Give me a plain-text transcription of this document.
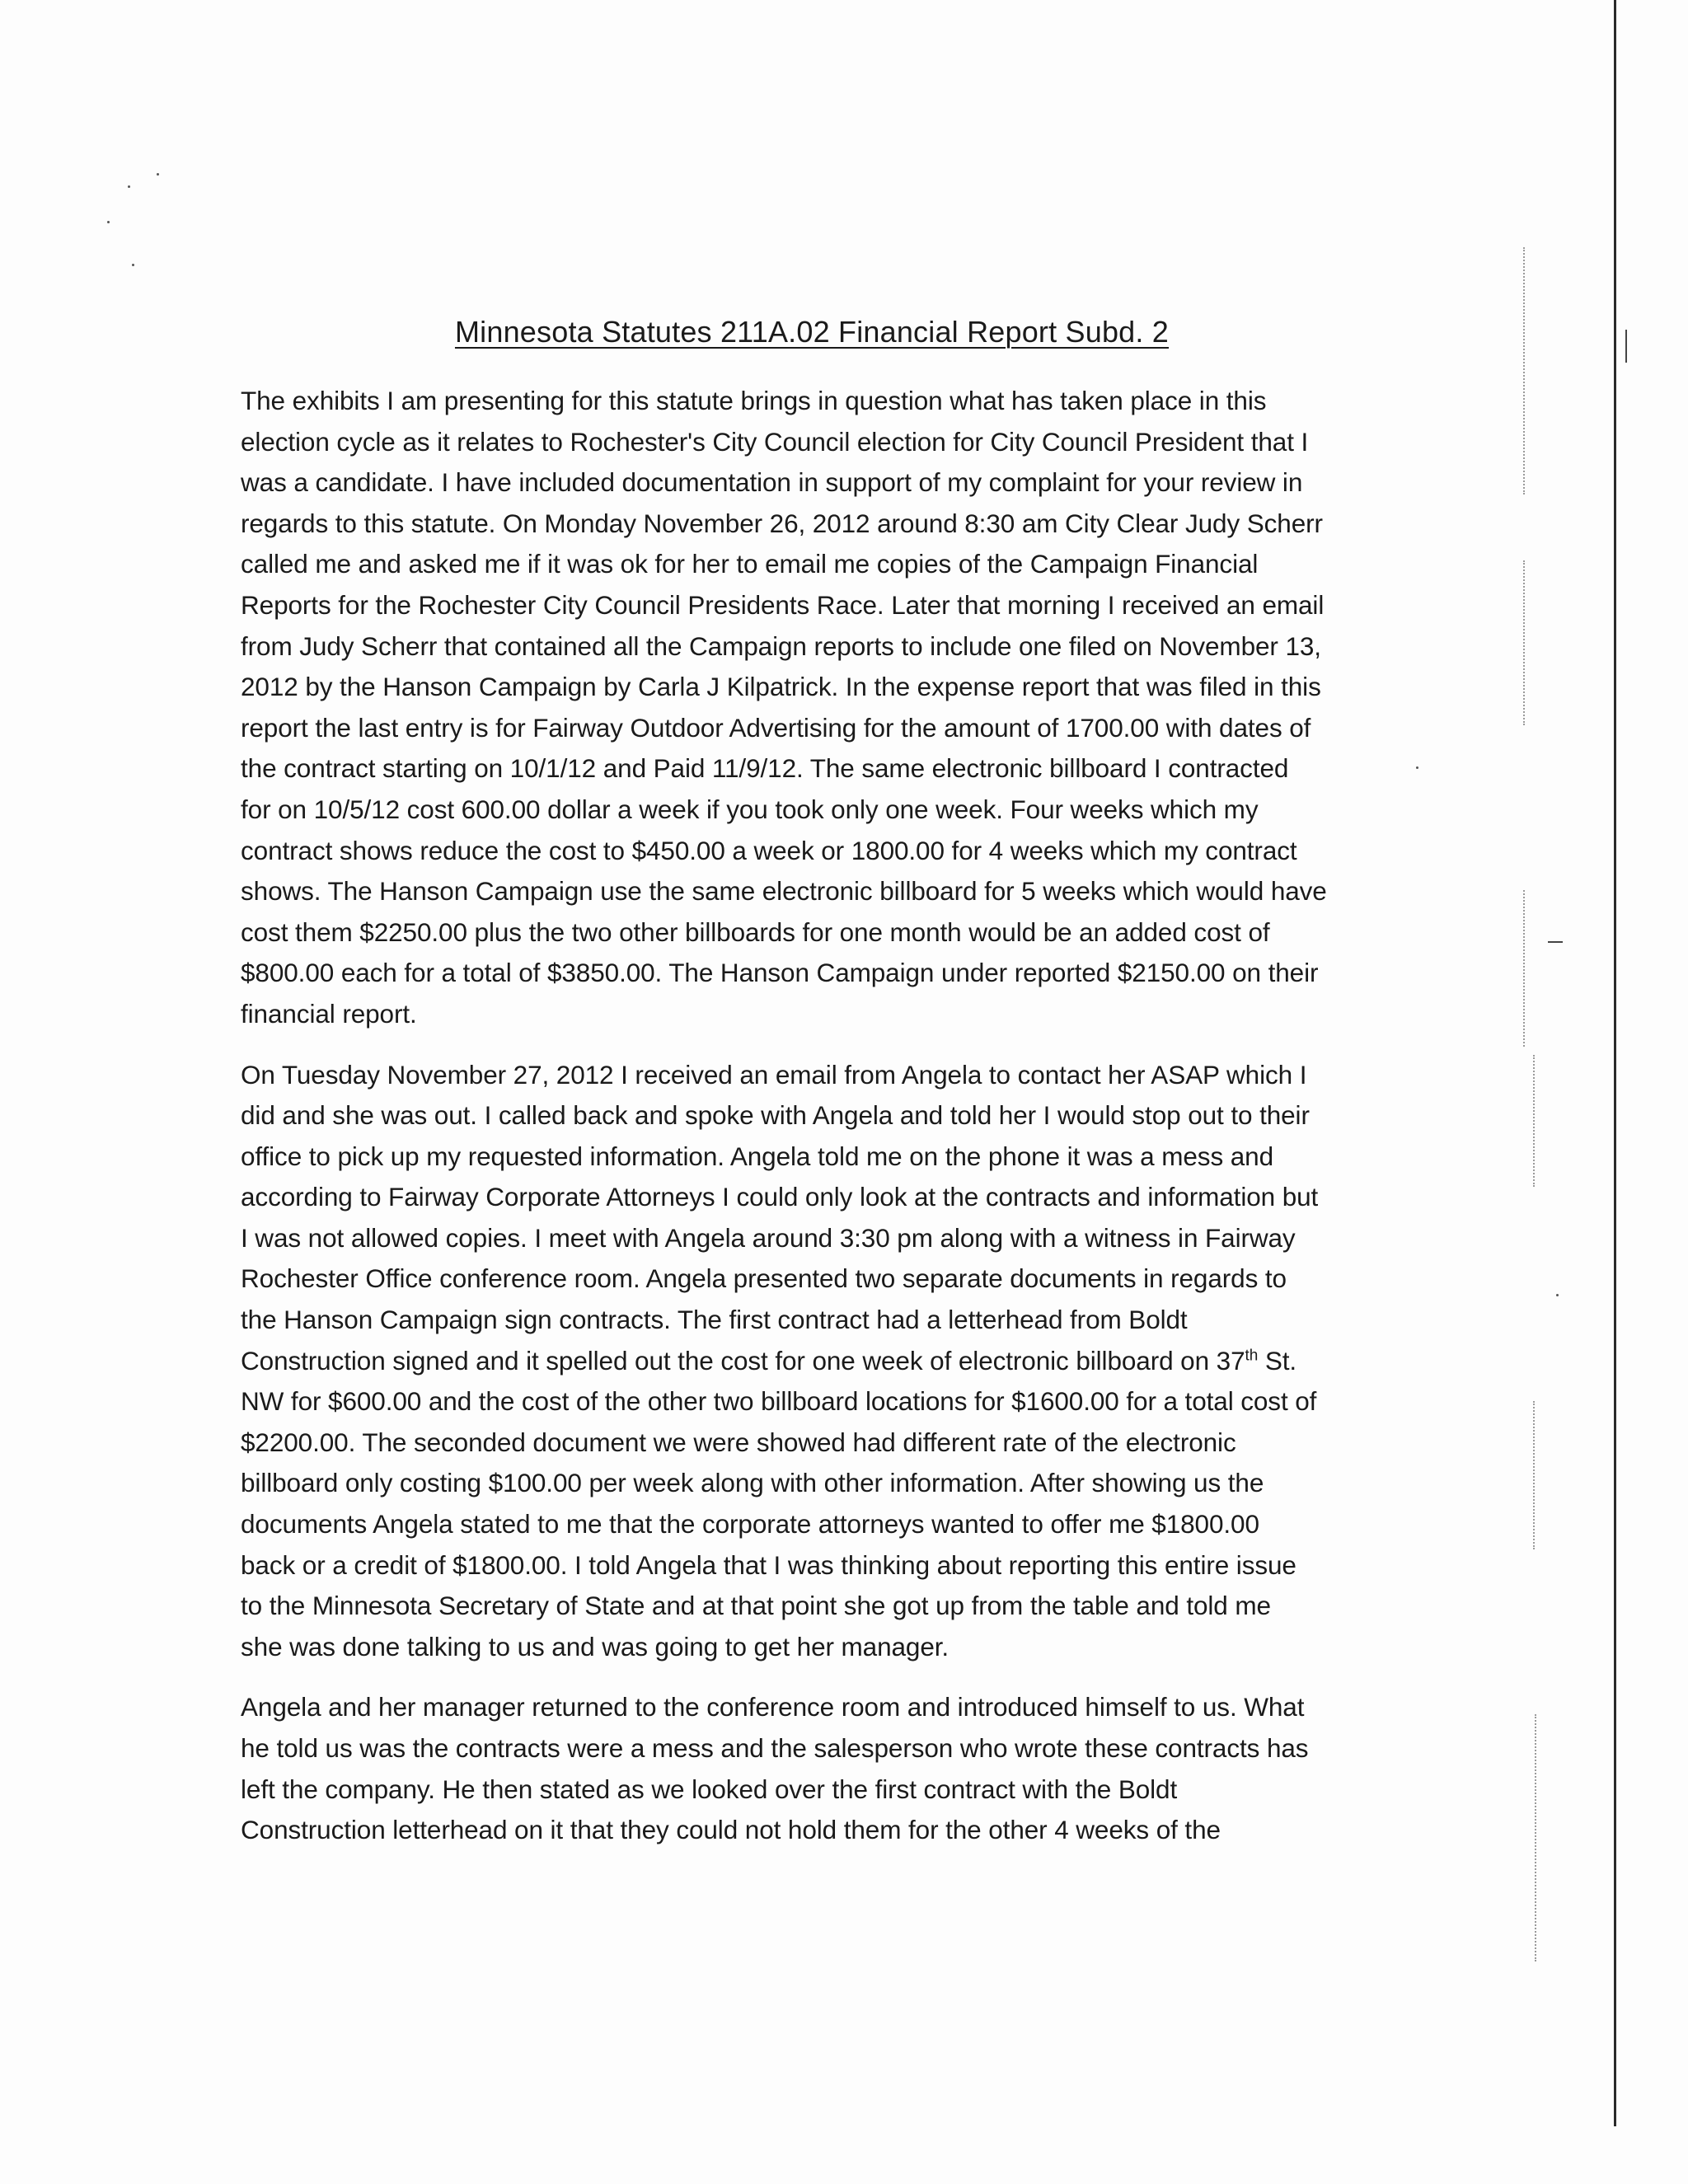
Minnesota Statutes 211A.02 Financial Report Subd. 2

The exhibits I am presenting for this statute brings in question what has taken place in this
election cycle as it relates to Rochester's City Council election for City Council President that I
was a candidate. I have included documentation in support of my complaint for your review in
regards to this statute. On Monday November 26, 2012 around 8:30 am City Clear Judy Scherr
called me and asked me if it was ok for her to email me copies of the Campaign Financial
Reports for the Rochester City Council Presidents Race. Later that morning I received an email
from Judy Scherr that contained all the Campaign reports to include one filed on November 13,
2012 by the Hanson Campaign by Carla J Kilpatrick. In the expense report that was filed in this
report the last entry is for Fairway Outdoor Advertising for the amount of 1700.00 with dates of
the contract starting on 10/1/12 and Paid 11/9/12. The same electronic billboard I contracted
for on 10/5/12 cost 600.00 dollar a week if you took only one week. Four weeks which my
contract shows reduce the cost to $450.00 a week or 1800.00 for 4 weeks which my contract
shows. The Hanson Campaign use the same electronic billboard for 5 weeks which would have
cost them $2250.00 plus the two other billboards for one month would be an added cost of
$800.00 each for a total of $3850.00. The Hanson Campaign under reported $2150.00 on their
financial report.

On Tuesday November 27, 2012 I received an email from Angela to contact her ASAP which I
did and she was out. I called back and spoke with Angela and told her I would stop out to their
office to pick up my requested information. Angela told me on the phone it was a mess and
according to Fairway Corporate Attorneys I could only look at the contracts and information but
I was not allowed copies. I meet with Angela around 3:30 pm along with a witness in Fairway
Rochester Office conference room. Angela presented two separate documents in regards to
the Hanson Campaign sign contracts. The first contract had a letterhead from Boldt
Construction signed and it spelled out the cost for one week of electronic billboard on 37th St.
NW for $600.00 and the cost of the other two billboard locations for $1600.00 for a total cost of
$2200.00. The seconded document we were showed had different rate of the electronic
billboard only costing $100.00 per week along with other information. After showing us the
documents Angela stated to me that the corporate attorneys wanted to offer me $1800.00
back or a credit of $1800.00. I told Angela that I was thinking about reporting this entire issue
to the Minnesota Secretary of State and at that point she got up from the table and told me
she was done talking to us and was going to get her manager.

Angela and her manager returned to the conference room and introduced himself to us. What
he told us was the contracts were a mess and the salesperson who wrote these contracts has
left the company. He then stated as we looked over the first contract with the Boldt
Construction letterhead on it that they could not hold them for the other 4 weeks of the
